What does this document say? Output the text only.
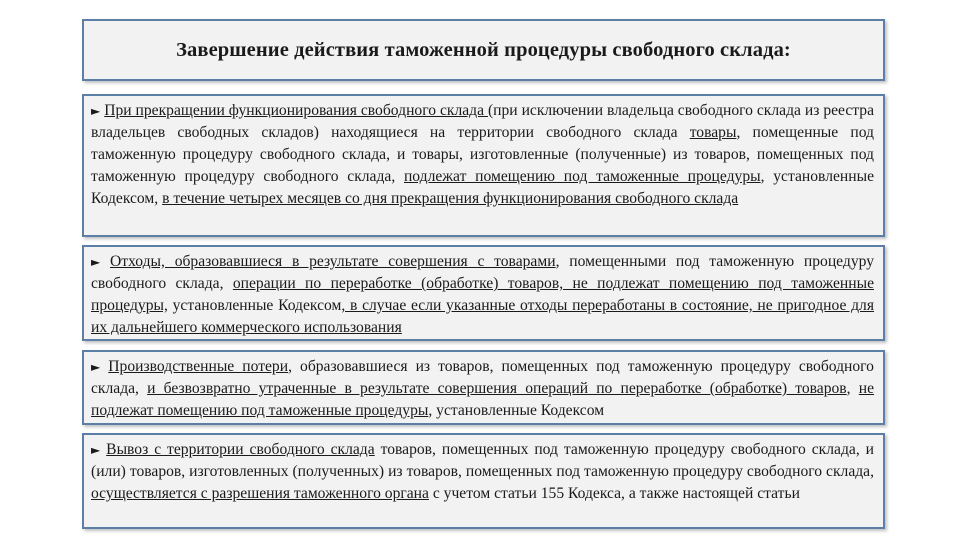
Завершение действия таможенной процедуры свободного склада:

► При прекращении функционирования свободного склада (при исключении владельца свободного склада из реестра владельцев свободных складов) находящиеся на территории свободного склада товары, помещенные под таможенную процедуру свободного склада, и товары, изготовленные (полученные) из товаров, помещенных под таможенную процедуру свободного склада, подлежат помещению под таможенные процедуры, установленные Кодексом, в течение четырех месяцев со дня прекращения функционирования свободного склада

► Отходы, образовавшиеся в результате совершения с товарами, помещенными под таможенную процедуру свободного склада, операции по переработке (обработке) товаров, не подлежат помещению под таможенные процедуры, установленные Кодексом, в случае если указанные отходы переработаны в состояние, не пригодное для их дальнейшего коммерческого использования

► Производственные потери, образовавшиеся из товаров, помещенных под таможенную процедуру свободного склада, и безвозвратно утраченные в результате совершения операций по переработке (обработке) товаров, не подлежат помещению под таможенные процедуры, установленные Кодексом

► Вывоз с территории свободного склада товаров, помещенных под таможенную процедуру свободного склада, и (или) товаров, изготовленных (полученных) из товаров, помещенных под таможенную процедуру свободного склада, осуществляется с разрешения таможенного органа с учетом статьи 155 Кодекса, а также настоящей статьи
